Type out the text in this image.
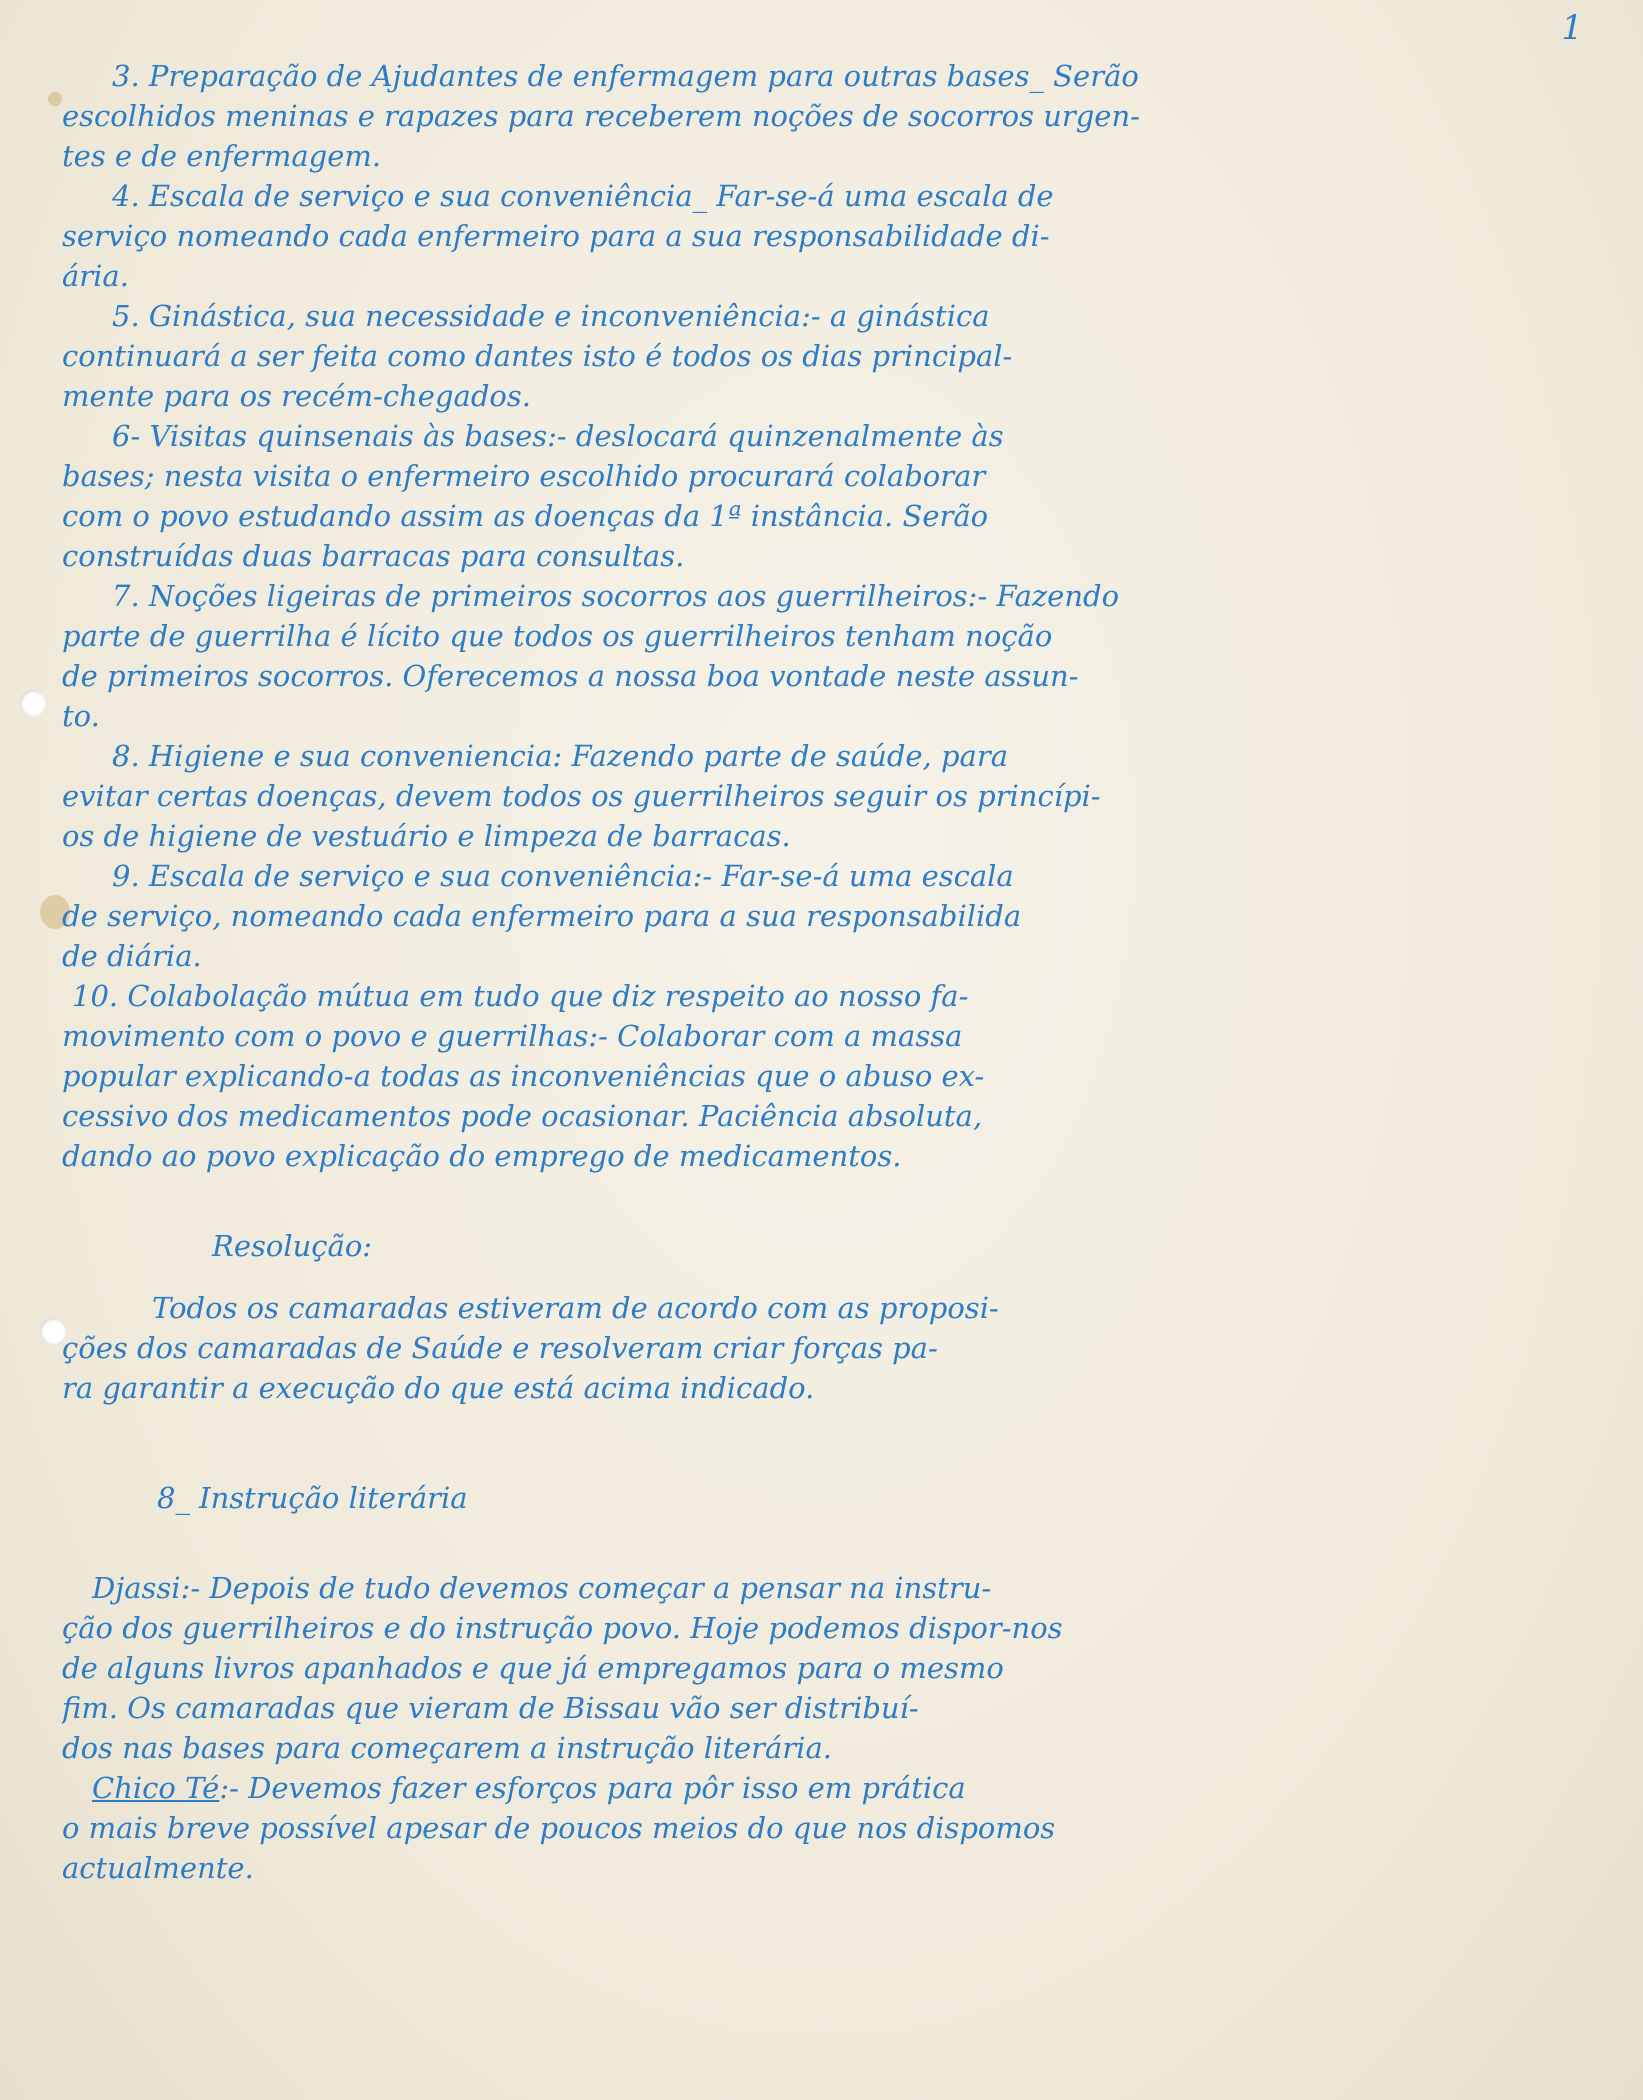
1
3. Preparação de Ajudantes de enfermagem para outras bases_ Serão
escolhidos meninas e rapazes para receberem noções de socorros urgen-
tes e de enfermagem.
4. Escala de serviço e sua conveniência_ Far-se-á uma escala de
serviço nomeando cada enfermeiro para a sua responsabilidade di-
ária.
5. Ginástica, sua necessidade e inconveniência:- a ginástica
continuará a ser feita como dantes isto é todos os dias principal-
mente para os recém-chegados.
6- Visitas quinsenais às bases:- deslocará quinzenalmente às
bases; nesta visita o enfermeiro escolhido procurará colaborar
com o povo estudando assim as doenças da 1ª instância. Serão
construídas duas barracas para consultas.
7. Noções ligeiras de primeiros socorros aos guerrilheiros:- Fazendo
parte de guerrilha é lícito que todos os guerrilheiros tenham noção
de primeiros socorros. Oferecemos a nossa boa vontade neste assun-
to.
8. Higiene e sua conveniencia: Fazendo parte de saúde, para
evitar certas doenças, devem todos os guerrilheiros seguir os princípi-
os de higiene de vestuário e limpeza de barracas.
9. Escala de serviço e sua conveniência:- Far-se-á uma escala
de serviço, nomeando cada enfermeiro para a sua responsabilida
de diária.
10. Colabolação mútua em tudo que diz respeito ao nosso fa-
movimento com o povo e guerrilhas:- Colaborar com a massa
popular explicando-a todas as inconveniências que o abuso ex-
cessivo dos medicamentos pode ocasionar. Paciência absoluta,
dando ao povo explicação do emprego de medicamentos.
Resolução:
Todos os camaradas estiveram de acordo com as proposi-
ções dos camaradas de Saúde e resolveram criar forças pa-
ra garantir a execução do que está acima indicado.
8_ Instrução literária
Djassi:- Depois de tudo devemos começar a pensar na instru-
ção dos guerrilheiros e do instrução povo. Hoje podemos dispor-nos
de alguns livros apanhados e que já empregamos para o mesmo
fim. Os camaradas que vieram de Bissau vão ser distribuí-
dos nas bases para começarem a instrução literária.
Chico Té:- Devemos fazer esforços para pôr isso em prática
o mais breve possível apesar de poucos meios do que nos dispomos
actualmente.
